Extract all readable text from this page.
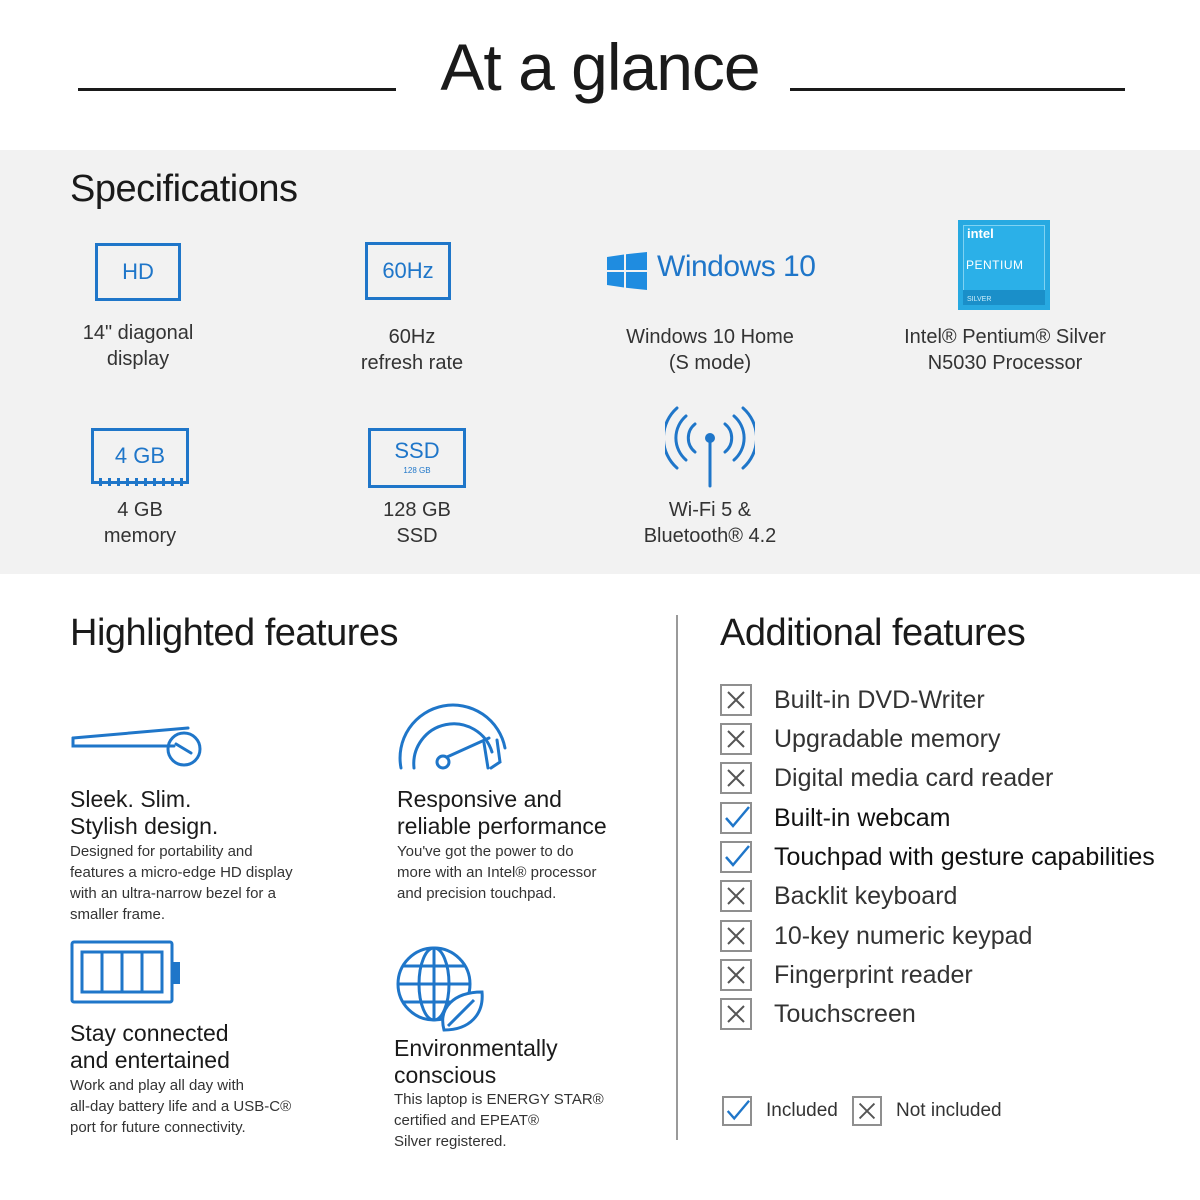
At a glance
Specifications
HD
14" diagonal
display
60Hz
60Hz
refresh rate
Windows 10
Windows 10 Home
(S mode)
intel
PENTIUM
SILVER
Intel® Pentium® Silver
N5030 Processor
4 GB
4 GB
memory
SSD
128 GB
128 GB
SSD
Wi-Fi 5 &
Bluetooth® 4.2
Highlighted features
Sleek. Slim.
Stylish design.
Designed for portability and
features a micro-edge HD display
with an ultra-narrow bezel for a
smaller frame.
Responsive and
reliable performance
You've got the power to do
more with an Intel® processor
and precision touchpad.
Stay connected
and entertained
Work and play all day with
all-day battery life and a USB-C®
port for future connectivity.
Environmentally
conscious
This laptop is ENERGY STAR®
certified and EPEAT®
Silver registered.
Additional features
Built-in DVD-Writer
Upgradable memory
Digital media card reader
Built-in webcam
Touchpad with gesture capabilities
Backlit keyboard
10-key numeric keypad
Fingerprint reader
Touchscreen
Included	Not included
